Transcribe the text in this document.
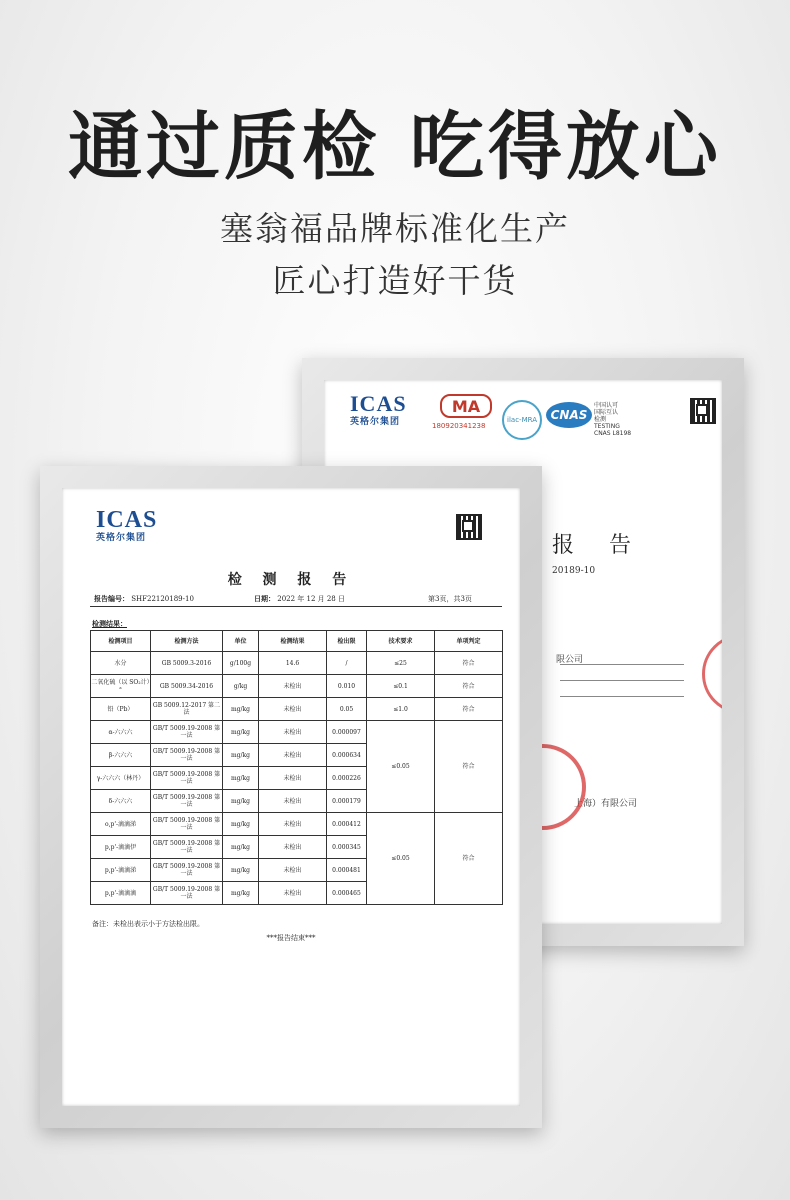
通过质检 吃得放心
塞翁福品牌标准化生产
匠心打造好干货
ICAS
英格尔集团
MA
180920341238
ilac-MRA	CNAS
中国认可
国际互认
检测
TESTING
CNAS L8198
报 告
20189-10
限公司
上海）有限公司
ICAS
英格尔集团
检 测 报 告
报告编号： SHF22120189-10	日期： 2022 年 12 月 28 日	第3页，共3页
检测结果：
检测项目	检测方法	单位	检测结果	检出限	技术要求	单项判定
水分	GB 5009.3-2016	g/100g	14.6	/	≤25	符合
二氧化硫（以 SO₂计）ᵃ	GB 5009.34-2016	g/kg	未检出	0.010	≤0.1	符合
铅（Pb）	GB 5009.12-2017 第二法	mg/kg	未检出	0.05	≤1.0	符合
α-六六六	GB/T 5009.19-2008 第一法	mg/kg	未检出	0.000097	≤0.05	符合
β-六六六	GB/T 5009.19-2008 第一法	mg/kg	未检出	0.000634		
γ-六六六（林丹）	GB/T 5009.19-2008 第一法	mg/kg	未检出	0.000226		
δ-六六六	GB/T 5009.19-2008 第一法	mg/kg	未检出	0.000179		
o,p'-滴滴涕	GB/T 5009.19-2008 第一法	mg/kg	未检出	0.000412	≤0.05	符合
p,p'-滴滴伊	GB/T 5009.19-2008 第一法	mg/kg	未检出	0.000345		
p,p'-滴滴涕	GB/T 5009.19-2008 第一法	mg/kg	未检出	0.000481		
p,p'-滴滴滴	GB/T 5009.19-2008 第一法	mg/kg	未检出	0.000465		
备注：未检出表示小于方法检出限。
***报告结束***
